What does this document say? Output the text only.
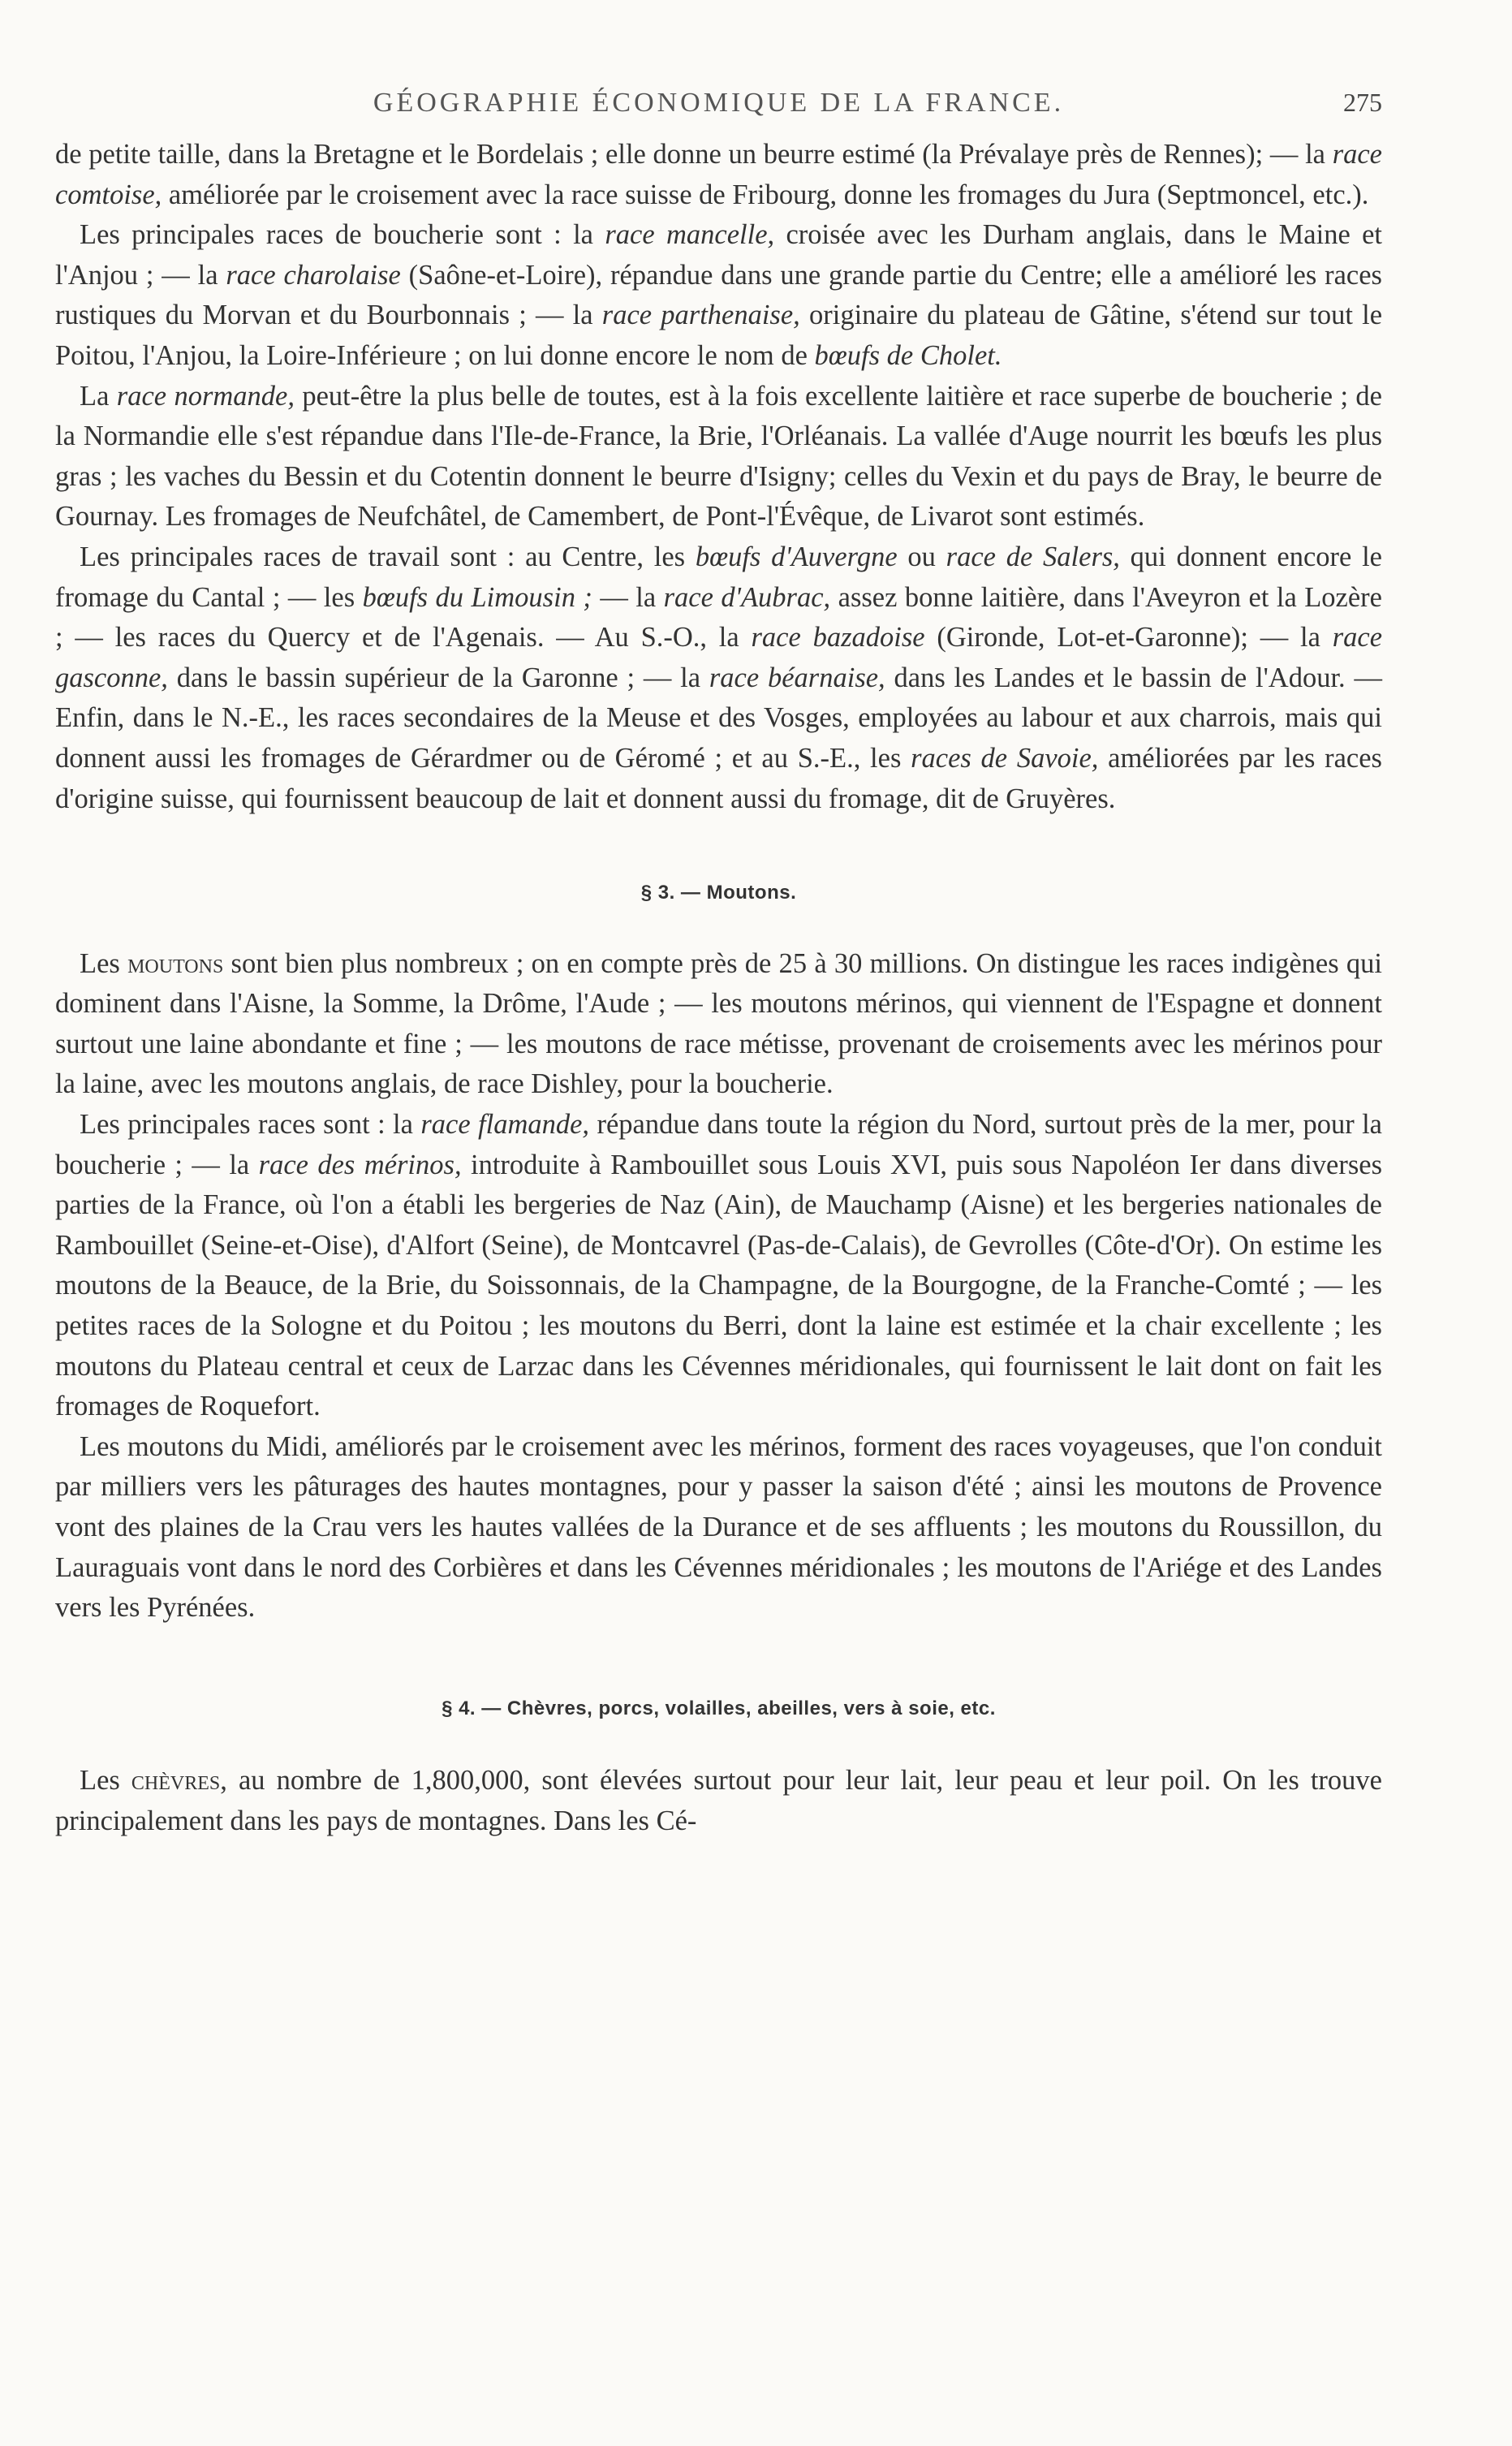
GÉOGRAPHIE ÉCONOMIQUE DE LA FRANCE.	275

de petite taille, dans la Bretagne et le Bordelais ; elle donne un beurre estimé (la Prévalaye près de Rennes); — la race comtoise, améliorée par le croisement avec la race suisse de Fribourg, donne les fromages du Jura (Septmoncel, etc.).

Les principales races de boucherie sont : la race mancelle, croisée avec les Durham anglais, dans le Maine et l'Anjou ; — la race charolaise (Saône-et-Loire), répandue dans une grande partie du Centre; elle a amélioré les races rustiques du Morvan et du Bourbonnais ; — la race parthenaise, originaire du plateau de Gâtine, s'étend sur tout le Poitou, l'Anjou, la Loire-Inférieure ; on lui donne encore le nom de bœufs de Cholet.

La race normande, peut-être la plus belle de toutes, est à la fois excellente laitière et race superbe de boucherie ; de la Normandie elle s'est répandue dans l'Ile-de-France, la Brie, l'Orléanais. La vallée d'Auge nourrit les bœufs les plus gras ; les vaches du Bessin et du Cotentin donnent le beurre d'Isigny; celles du Vexin et du pays de Bray, le beurre de Gournay. Les fromages de Neufchâtel, de Camembert, de Pont-l'Évêque, de Livarot sont estimés.

Les principales races de travail sont : au Centre, les bœufs d'Auvergne ou race de Salers, qui donnent encore le fromage du Cantal ; — les bœufs du Limousin ; — la race d'Aubrac, assez bonne laitière, dans l'Aveyron et la Lozère ; — les races du Quercy et de l'Agenais. — Au S.-O., la race bazadoise (Gironde, Lot-et-Garonne); — la race gasconne, dans le bassin supérieur de la Garonne ; — la race béarnaise, dans les Landes et le bassin de l'Adour. — Enfin, dans le N.-E., les races secondaires de la Meuse et des Vosges, employées au labour et aux charrois, mais qui donnent aussi les fromages de Gérardmer ou de Géromé ; et au S.-E., les races de Savoie, améliorées par les races d'origine suisse, qui fournissent beaucoup de lait et donnent aussi du fromage, dit de Gruyères.

§ 3. — Moutons.

Les moutons sont bien plus nombreux ; on en compte près de 25 à 30 millions. On distingue les races indigènes qui dominent dans l'Aisne, la Somme, la Drôme, l'Aude ; — les moutons mérinos, qui viennent de l'Espagne et donnent surtout une laine abondante et fine ; — les moutons de race métisse, provenant de croisements avec les mérinos pour la laine, avec les moutons anglais, de race Dishley, pour la boucherie.

Les principales races sont : la race flamande, répandue dans toute la région du Nord, surtout près de la mer, pour la boucherie ; — la race des mérinos, introduite à Rambouillet sous Louis XVI, puis sous Napoléon Ier dans diverses parties de la France, où l'on a établi les bergeries de Naz (Ain), de Mauchamp (Aisne) et les bergeries nationales de Rambouillet (Seine-et-Oise), d'Alfort (Seine), de Montcavrel (Pas-de-Calais), de Gevrolles (Côte-d'Or). On estime les moutons de la Beauce, de la Brie, du Soissonnais, de la Champagne, de la Bourgogne, de la Franche-Comté ; — les petites races de la Sologne et du Poitou ; les moutons du Berri, dont la laine est estimée et la chair excellente ; les moutons du Plateau central et ceux de Larzac dans les Cévennes méridionales, qui fournissent le lait dont on fait les fromages de Roquefort.

Les moutons du Midi, améliorés par le croisement avec les mérinos, forment des races voyageuses, que l'on conduit par milliers vers les pâturages des hautes montagnes, pour y passer la saison d'été ; ainsi les moutons de Provence vont des plaines de la Crau vers les hautes vallées de la Durance et de ses affluents ; les moutons du Roussillon, du Lauraguais vont dans le nord des Corbières et dans les Cévennes méridionales ; les moutons de l'Ariége et des Landes vers les Pyrénées.

§ 4. — Chèvres, porcs, volailles, abeilles, vers à soie, etc.

Les chèvres, au nombre de 1,800,000, sont élevées surtout pour leur lait, leur peau et leur poil. On les trouve principalement dans les pays de montagnes. Dans les Cé-
